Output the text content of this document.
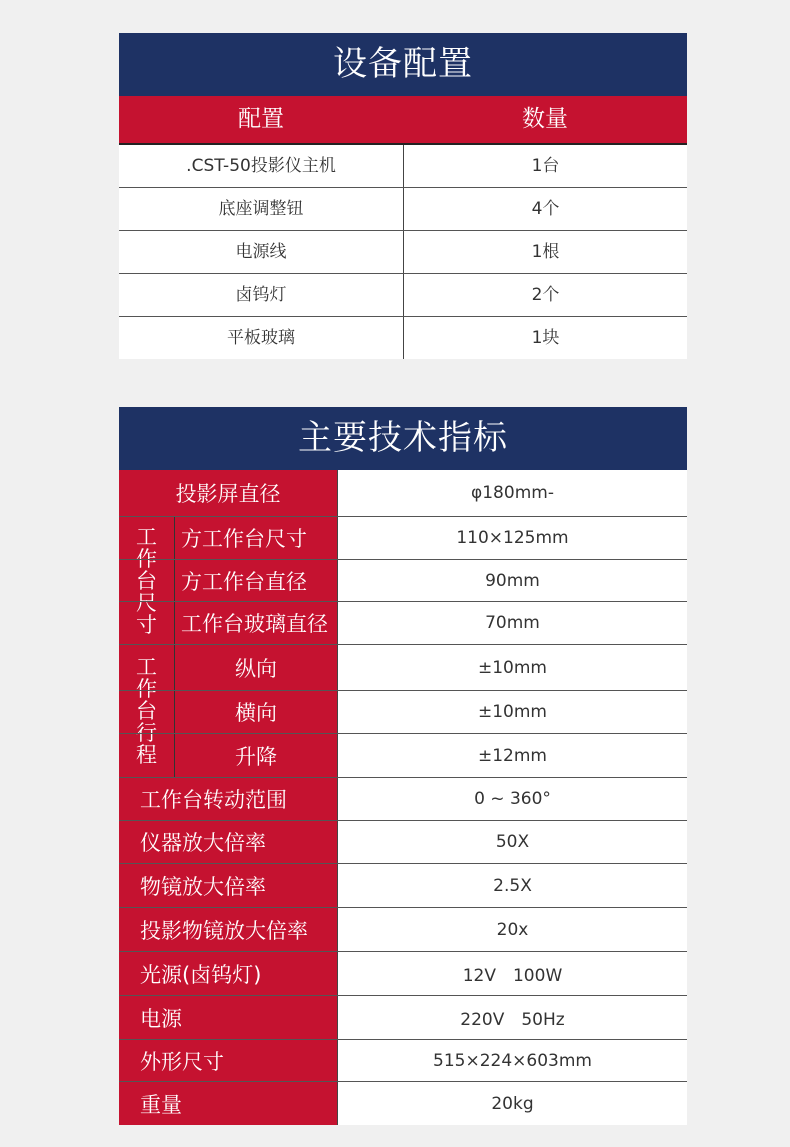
设备配置
配置	数量
.CST-50投影仪主机	1台
底座调整钮	4个
电源线	1根
卤钨灯	2个
平板玻璃	1块
主要技术指标
投影屏直径	φ180mm-
工作台尺寸
方工作台尺寸	110×125mm
方工作台直径	90mm
工作台玻璃直径	70mm
工作台行程
纵向	±10mm
横向	±10mm
升降	±12mm
工作台转动范围	0 ~ 360°
仪器放大倍率	50X
物镜放大倍率	2.5X
投影物镜放大倍率	20x
光源(卤钨灯)	12V　100W
电源	220V　50Hz
外形尺寸	515×224×603mm
重量	20kg
